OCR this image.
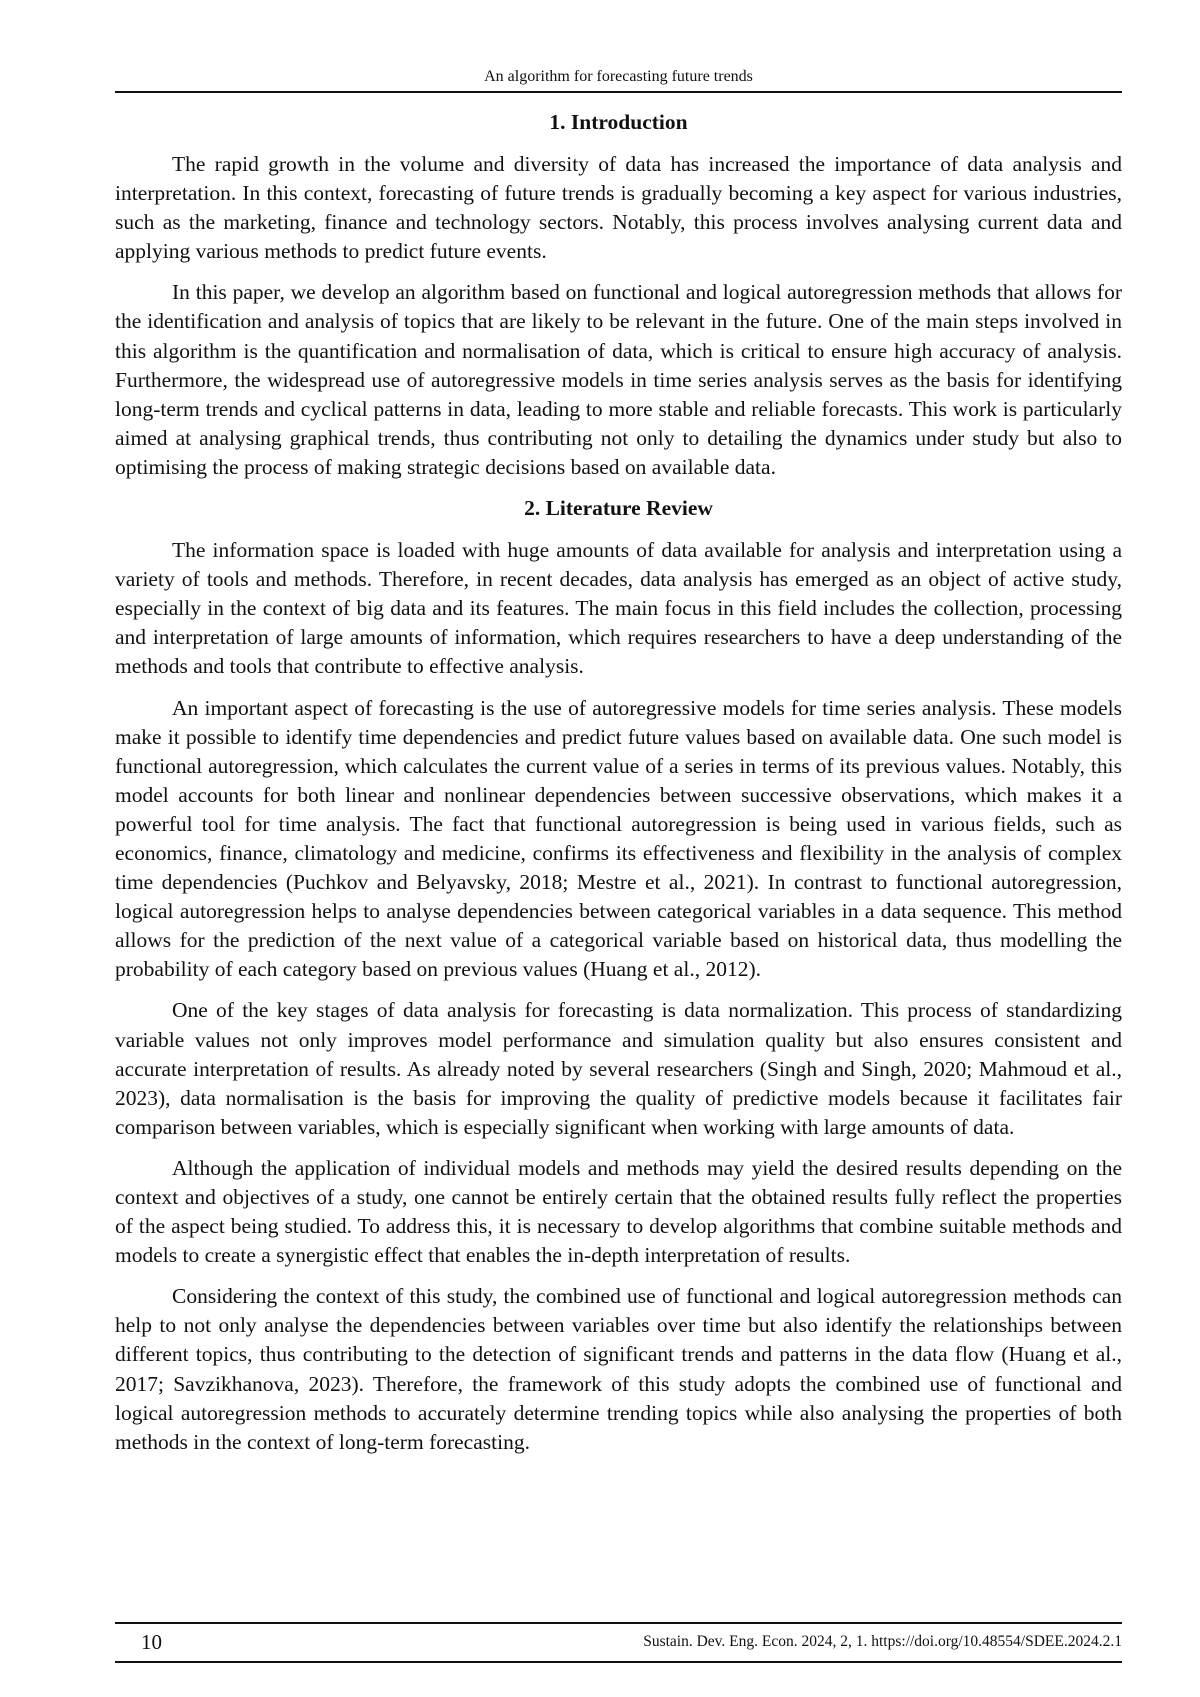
An algorithm for forecasting future trends
1. Introduction

The rapid growth in the volume and diversity of data has increased the importance of data analysis and interpretation. In this context, forecasting of future trends is gradually becoming a key aspect for various industries, such as the marketing, finance and technology sectors. Notably, this process involves analysing current data and applying various methods to predict future events.

In this paper, we develop an algorithm based on functional and logical autoregression methods that allows for the identification and analysis of topics that are likely to be relevant in the future. One of the main steps involved in this algorithm is the quantification and normalisation of data, which is critical to ensure high accuracy of analysis. Furthermore, the widespread use of autoregressive models in time series analysis serves as the basis for identifying long-term trends and cyclical patterns in data, leading to more stable and reliable forecasts. This work is particularly aimed at analysing graphical trends, thus contributing not only to detailing the dynamics under study but also to optimising the process of making strategic decisions based on available data.

2. Literature Review

The information space is loaded with huge amounts of data available for analysis and interpretation using a variety of tools and methods. Therefore, in recent decades, data analysis has emerged as an object of active study, especially in the context of big data and its features. The main focus in this field includes the collection, processing and interpretation of large amounts of information, which requires researchers to have a deep understanding of the methods and tools that contribute to effective analysis.

An important aspect of forecasting is the use of autoregressive models for time series analysis. These models make it possible to identify time dependencies and predict future values based on available data. One such model is functional autoregression, which calculates the current value of a series in terms of its previous values. Notably, this model accounts for both linear and nonlinear dependencies between successive observations, which makes it a powerful tool for time analysis. The fact that functional autoregression is being used in various fields, such as economics, finance, climatology and medicine, confirms its effectiveness and flexibility in the analysis of complex time dependencies (Puchkov and Belyavsky, 2018; Mestre et al., 2021). In contrast to functional autoregression, logical autoregression helps to analyse dependencies between categorical variables in a data sequence. This method allows for the prediction of the next value of a categorical variable based on historical data, thus modelling the probability of each category based on previous values (Huang et al., 2012).

One of the key stages of data analysis for forecasting is data normalization. This process of standardizing variable values not only improves model performance and simulation quality but also ensures consistent and accurate interpretation of results. As already noted by several researchers (Singh and Singh, 2020; Mahmoud et al., 2023), data normalisation is the basis for improving the quality of predictive models because it facilitates fair comparison between variables, which is especially significant when working with large amounts of data.

Although the application of individual models and methods may yield the desired results depending on the context and objectives of a study, one cannot be entirely certain that the obtained results fully reflect the properties of the aspect being studied. To address this, it is necessary to develop algorithms that combine suitable methods and models to create a synergistic effect that enables the in-depth interpretation of results.

Considering the context of this study, the combined use of functional and logical autoregression methods can help to not only analyse the dependencies between variables over time but also identify the relationships between different topics, thus contributing to the detection of significant trends and patterns in the data flow (Huang et al., 2017; Savzikhanova, 2023). Therefore, the framework of this study adopts the combined use of functional and logical autoregression methods to accurately determine trending topics while also analysing the properties of both methods in the context of long-term forecasting.

10	Sustain. Dev. Eng. Econ. 2024, 2, 1. https://doi.org/10.48554/SDEE.2024.2.1
